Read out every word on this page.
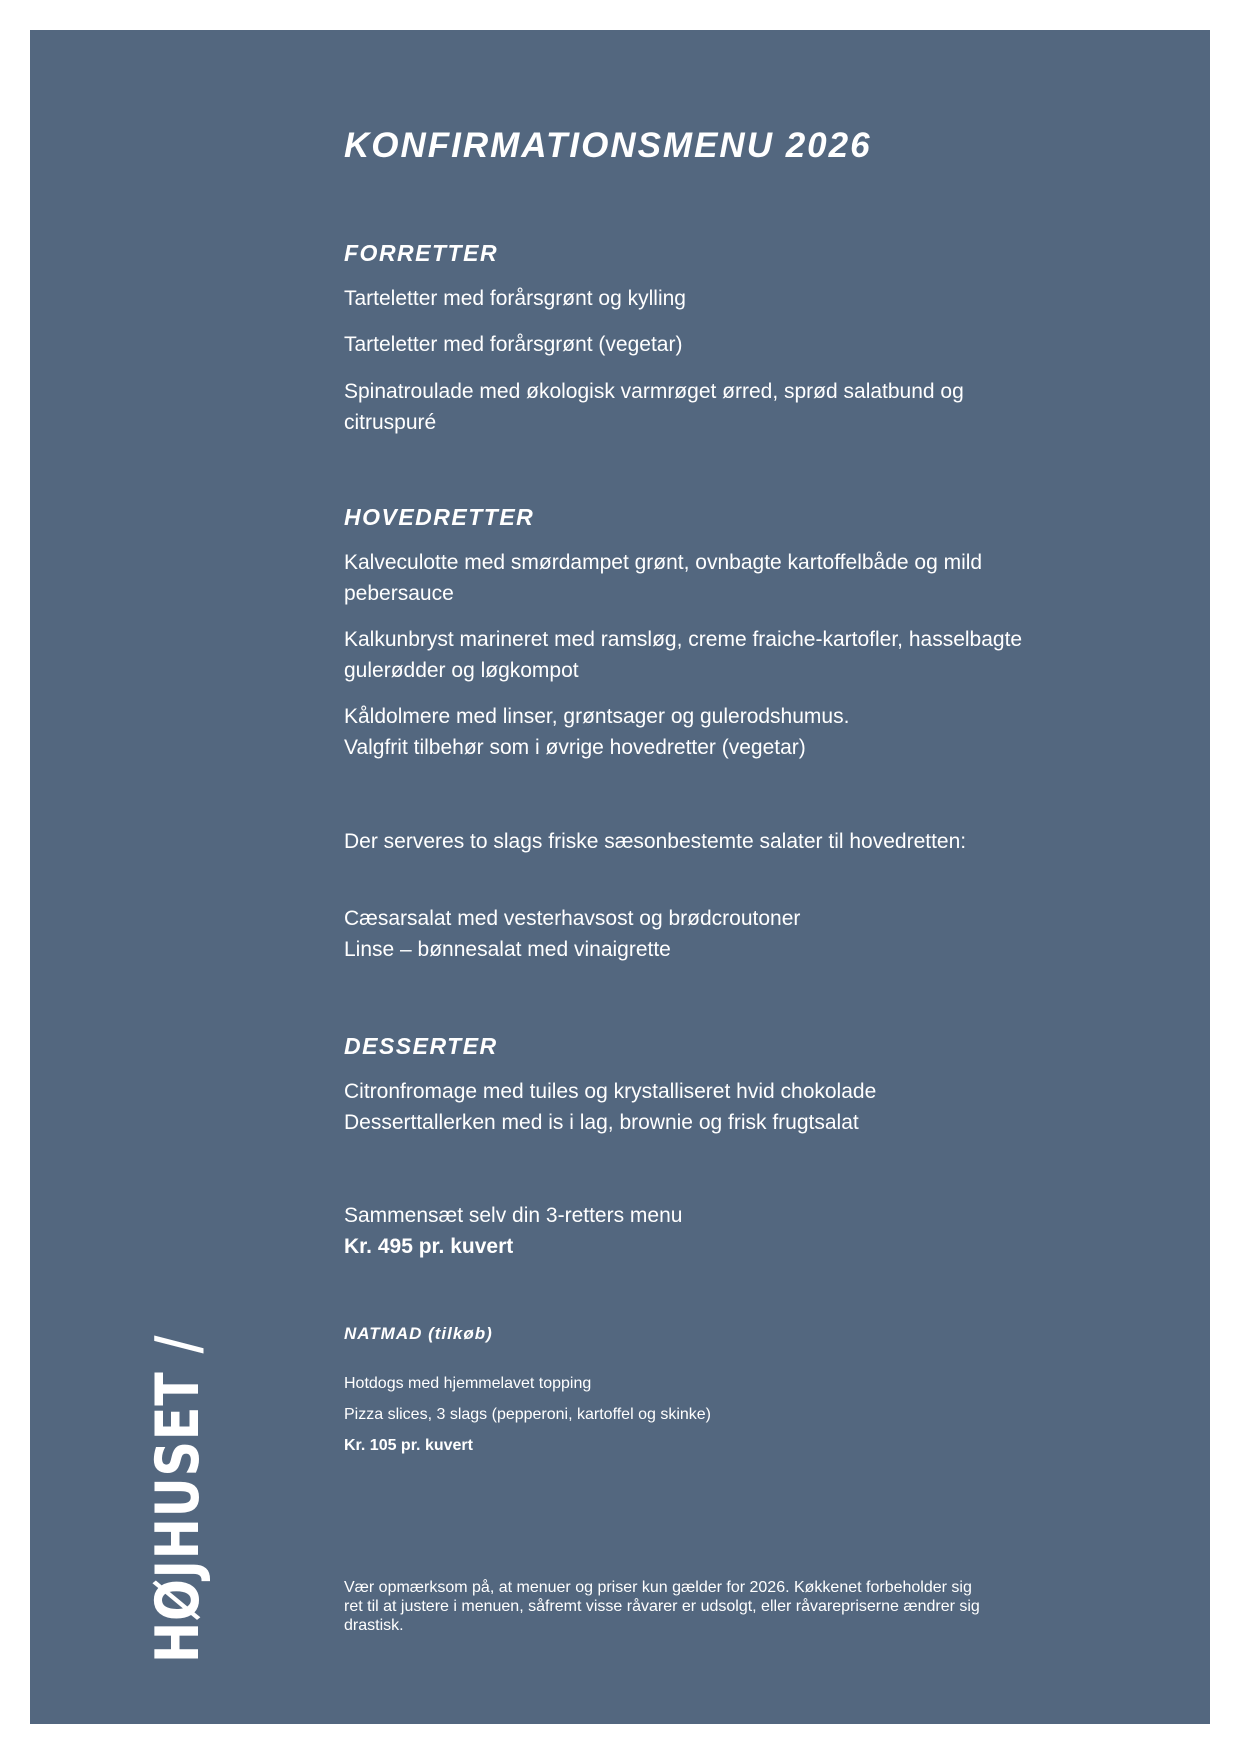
HØJHUSET /
KONFIRMATIONSMENU 2026
FORRETTER

Tarteletter med forårsgrønt og kylling

Tarteletter med forårsgrønt (vegetar)

Spinatroulade med økologisk varmrøget ørred, sprød salatbund og citruspuré

HOVEDRETTER

Kalveculotte med smørdampet grønt, ovnbagte kartoffelbåde og mild pebersauce

Kalkunbryst marineret med ramsløg, creme fraiche-kartofler, hasselbagte gulerødder og løgkompot

Kåldolmere med linser, grøntsager og gulerodshumus.

Valgfrit tilbehør som i øvrige hovedretter (vegetar)

Der serveres to slags friske sæsonbestemte salater til hovedretten:

Cæsarsalat med vesterhavsost og brødcroutoner

Linse – bønnesalat med vinaigrette

DESSERTER

Citronfromage med tuiles og krystalliseret hvid chokolade

Desserttallerken med is i lag, brownie og frisk frugtsalat

Sammensæt selv din 3-retters menu

Kr. 495 pr. kuvert

NATMAD (tilkøb)

Hotdogs med hjemmelavet topping

Pizza slices, 3 slags (pepperoni, kartoffel og skinke)

Kr. 105 pr. kuvert

Vær opmærksom på, at menuer og priser kun gælder for 2026. Køkkenet forbeholder sig ret til at justere i menuen, såfremt visse råvarer er udsolgt, eller råvarepriserne ændrer sig drastisk.
